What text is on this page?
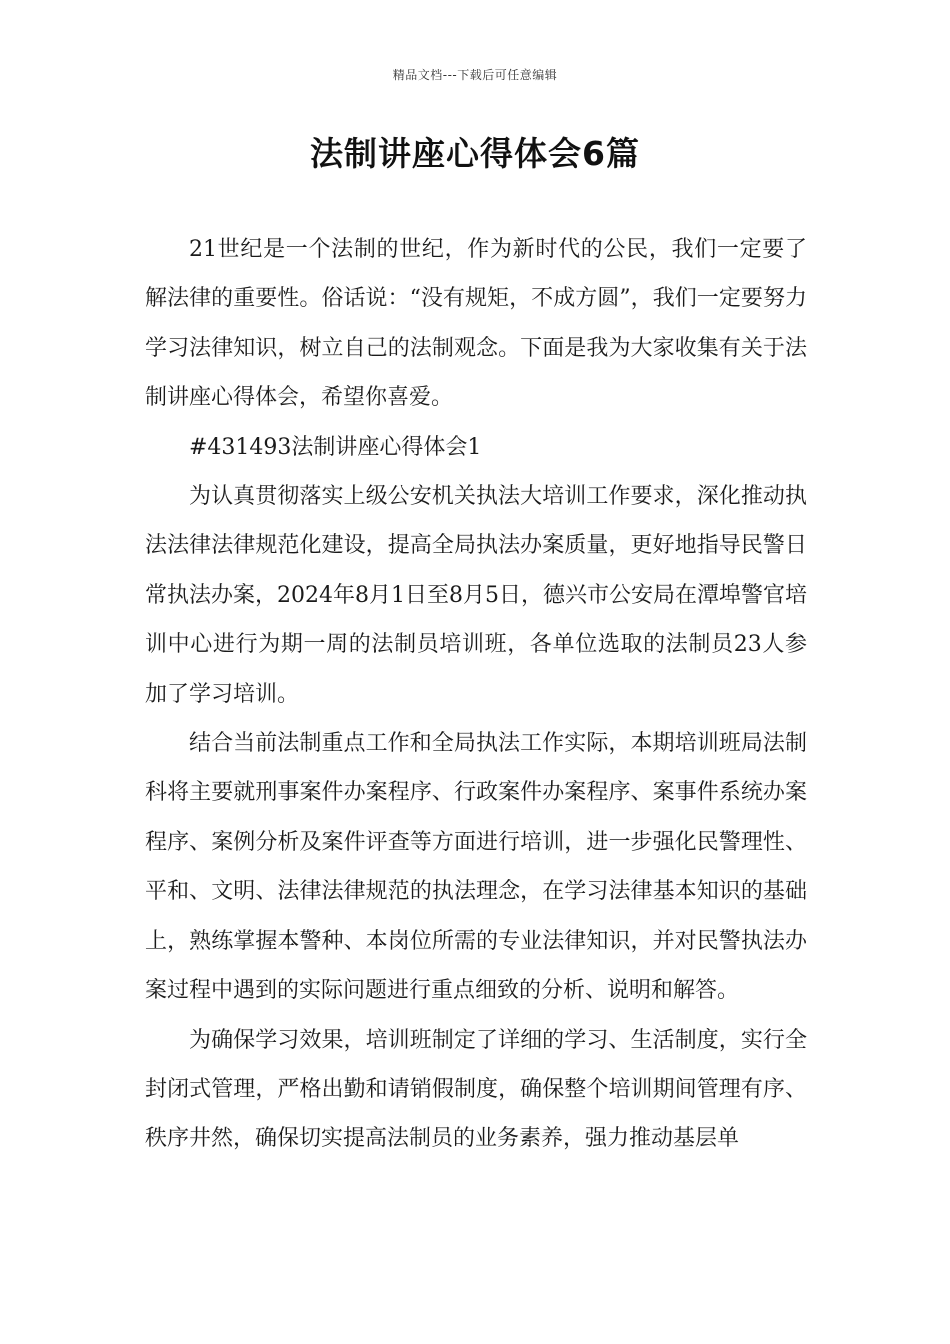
精品文档---下载后可任意编辑
法制讲座心得体会6篇

21世纪是一个法制的世纪，作为新时代的公民，我们一定要了解法律的重要性。俗话说：“没有规矩，不成方圆”，我们一定要努力学习法律知识，树立自己的法制观念。下面是我为大家收集有关于法制讲座心得体会，希望你喜爱。

#431493法制讲座心得体会1

为认真贯彻落实上级公安机关执法大培训工作要求，深化推动执法法律法律规范化建设，提高全局执法办案质量，更好地指导民警日常执法办案，2024年8月1日至8月5日，德兴市公安局在潭埠警官培训中心进行为期一周的法制员培训班，各单位选取的法制员23人参加了学习培训。

结合当前法制重点工作和全局执法工作实际，本期培训班局法制科将主要就刑事案件办案程序、行政案件办案程序、案事件系统办案程序、案例分析及案件评查等方面进行培训，进一步强化民警理性、平和、文明、法律法律规范的执法理念，在学习法律基本知识的基础上，熟练掌握本警种、本岗位所需的专业法律知识，并对民警执法办案过程中遇到的实际问题进行重点细致的分析、说明和解答。

为确保学习效果，培训班制定了详细的学习、生活制度，实行全封闭式管理，严格出勤和请销假制度，确保整个培训期间管理有序、秩序井然，确保切实提高法制员的业务素养，强力推动基层单
